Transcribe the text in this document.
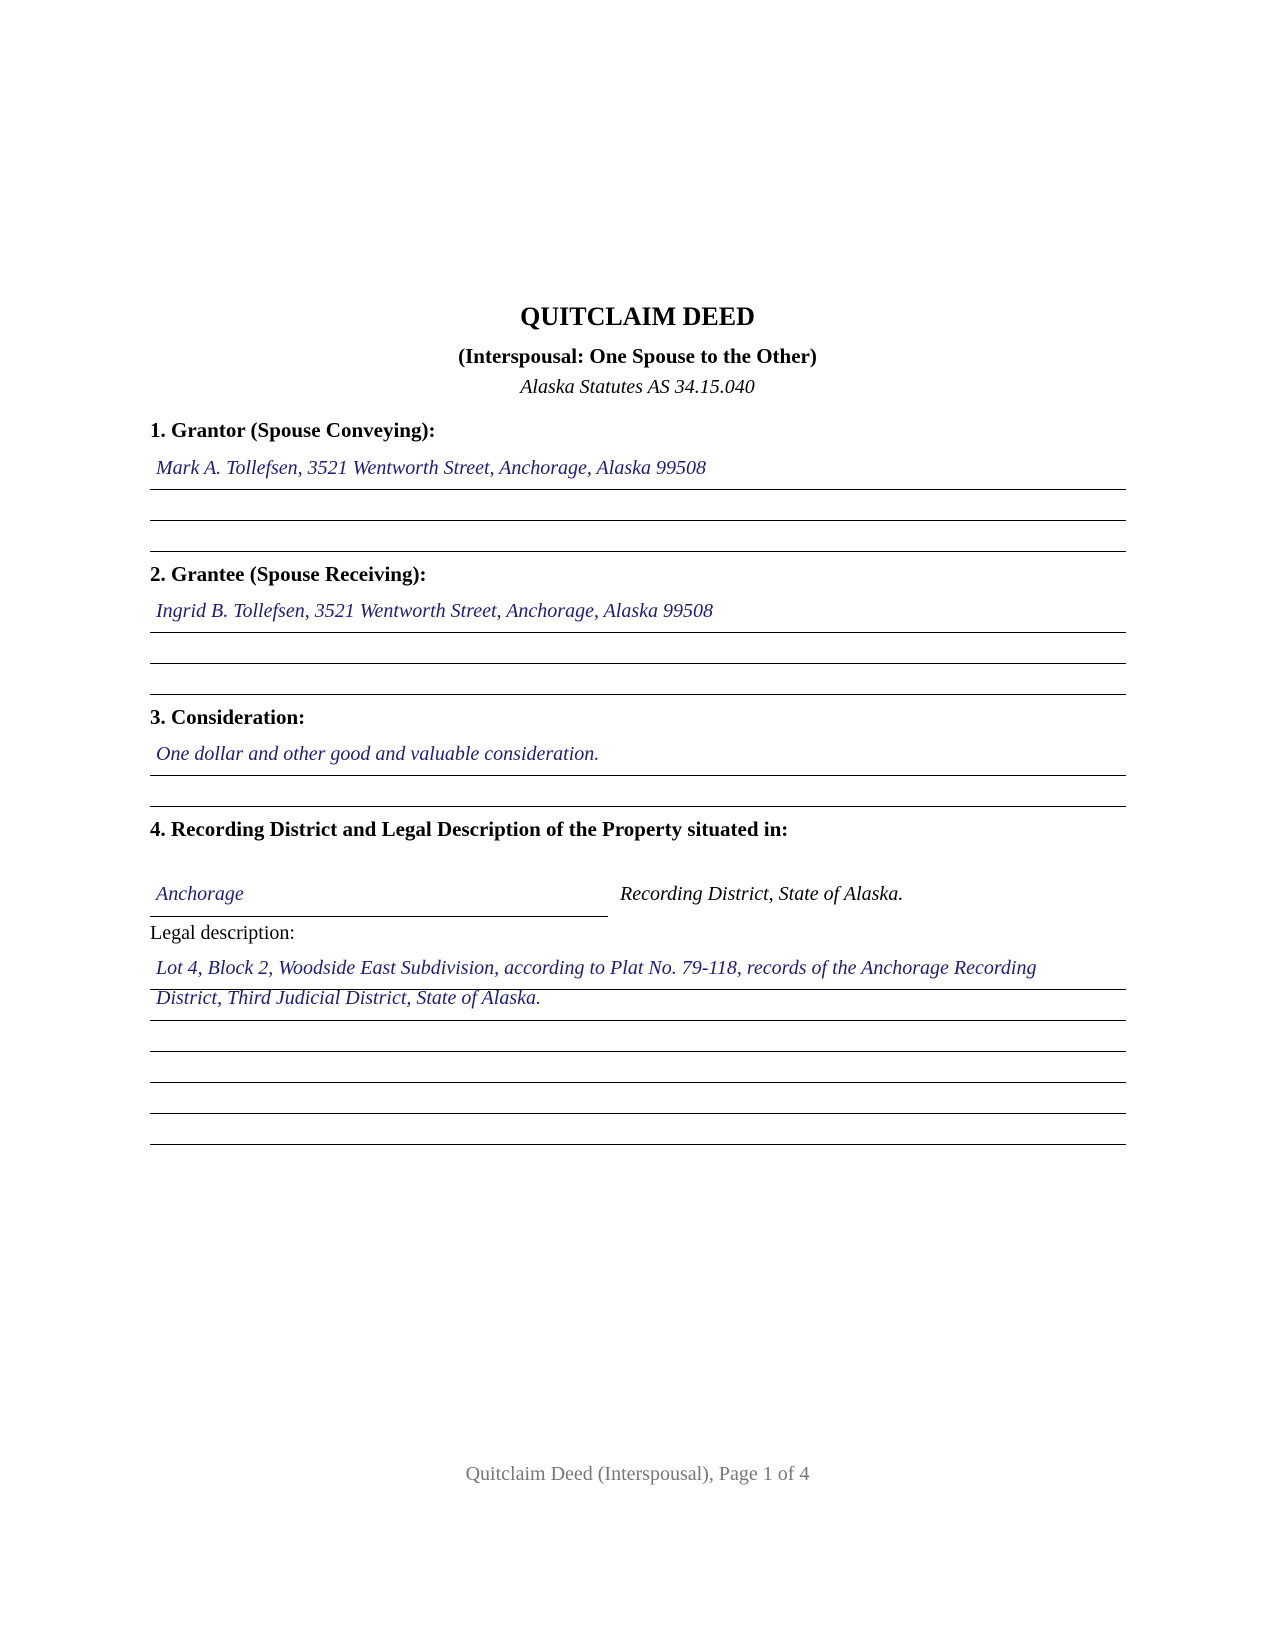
QUITCLAIM DEED
(Interspousal: One Spouse to the Other)
Alaska Statutes AS 34.15.040
1. Grantor (Spouse Conveying):
Mark A. Tollefsen, 3521 Wentworth Street, Anchorage, Alaska 99508
2. Grantee (Spouse Receiving):
Ingrid B. Tollefsen, 3521 Wentworth Street, Anchorage, Alaska 99508
3. Consideration:
One dollar and other good and valuable consideration.
4. Recording District and Legal Description of the Property situated in:
Anchorage	Recording District, State of Alaska.
Legal description:
Lot 4, Block 2, Woodside East Subdivision, according to Plat No. 79-118, records of the Anchorage Recording
District, Third Judicial District, State of Alaska.
Quitclaim Deed (Interspousal), Page 1 of 4
